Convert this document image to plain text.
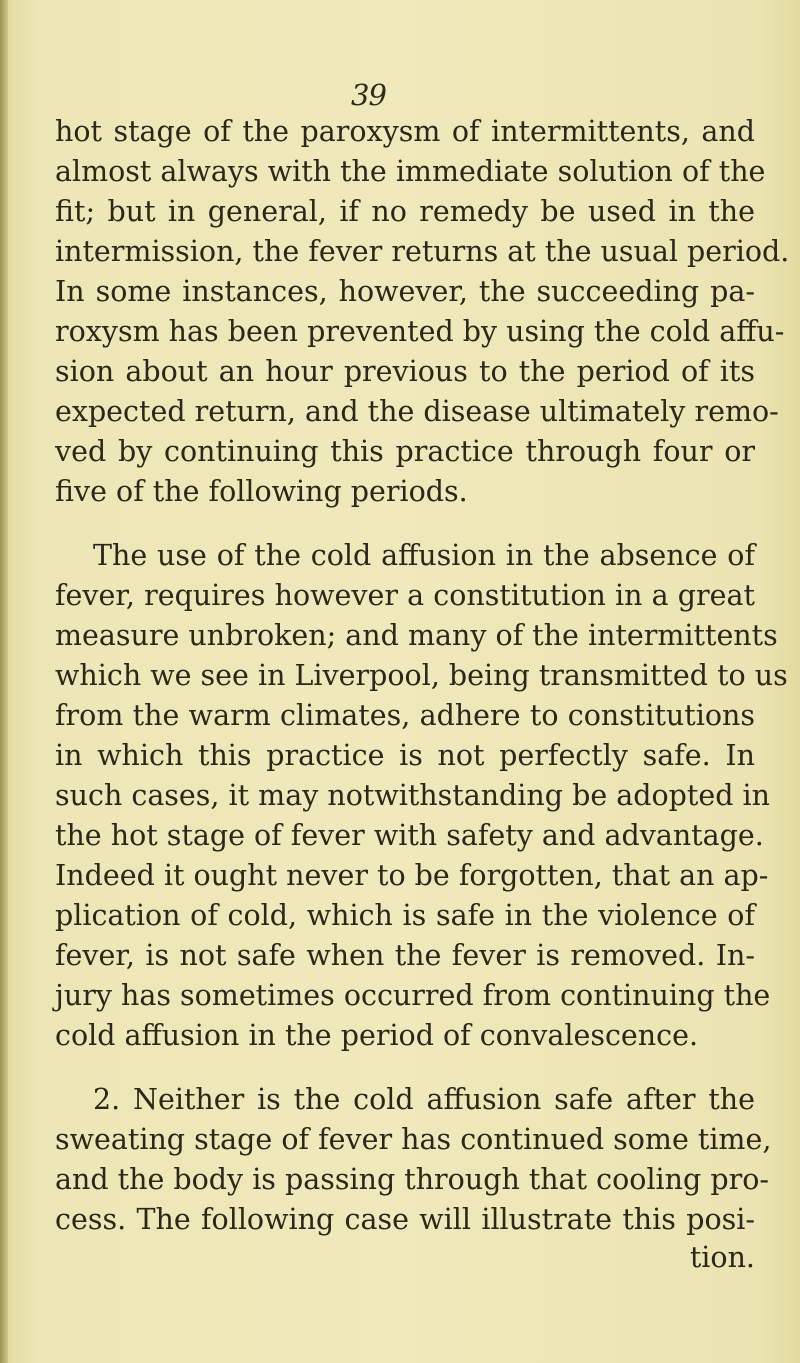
39
hot stage of the paroxysm of intermittents, and
almost always with the immediate solution of the
fit; but in general, if no remedy be used in the
intermission, the fever returns at the usual period.
In some instances, however, the succeeding pa-
roxysm has been prevented by using the cold affu-
sion about an hour previous to the period of its
expected return, and the disease ultimately remo-
ved by continuing this practice through four or
five of the following periods.
The use of the cold affusion in the absence of
fever, requires however a constitution in a great
measure unbroken; and many of the intermittents
which we see in Liverpool, being transmitted to us
from the warm climates, adhere to constitutions
in which this practice is not perfectly safe. In
such cases, it may notwithstanding be adopted in
the hot stage of fever with safety and advantage.
Indeed it ought never to be forgotten, that an ap-
plication of cold, which is safe in the violence of
fever, is not safe when the fever is removed. In-
jury has sometimes occurred from continuing the
cold affusion in the period of convalescence.
2. Neither is the cold affusion safe after the
sweating stage of fever has continued some time,
and the body is passing through that cooling pro-
cess. The following case will illustrate this posi-
tion.
